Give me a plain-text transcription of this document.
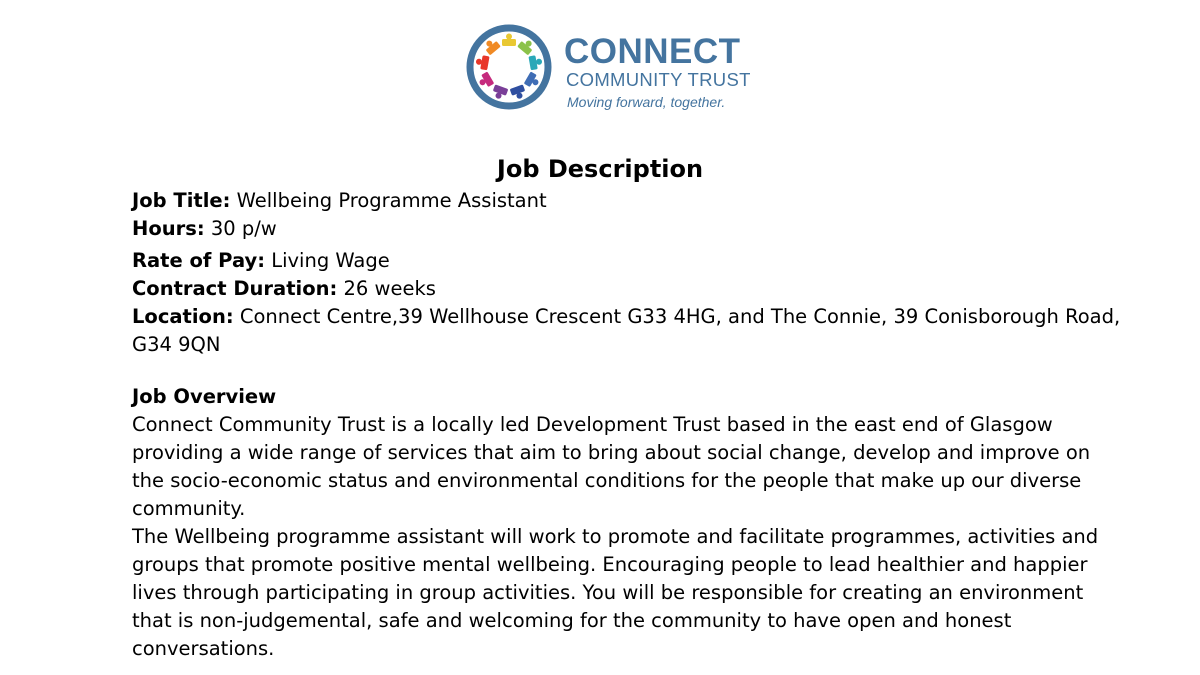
CONNECT
COMMUNITY TRUST
Moving forward, together.
Job Description
Job Title: Wellbeing Programme Assistant
Hours: 30 p/w
Rate of Pay: Living Wage
Contract Duration: 26 weeks
Location: Connect Centre,39 Wellhouse Crescent G33 4HG, and The Connie, 39 Conisborough Road,
G34 9QN
Job Overview
Connect Community Trust is a locally led Development Trust based in the east end of Glasgow
providing a wide range of services that aim to bring about social change, develop and improve on
the socio-economic status and environmental conditions for the people that make up our diverse
community.
The Wellbeing programme assistant will work to promote and facilitate programmes, activities and
groups that promote positive mental wellbeing. Encouraging people to lead healthier and happier
lives through participating in group activities. You will be responsible for creating an environment
that is non-judgemental, safe and welcoming for the community to have open and honest
conversations.
